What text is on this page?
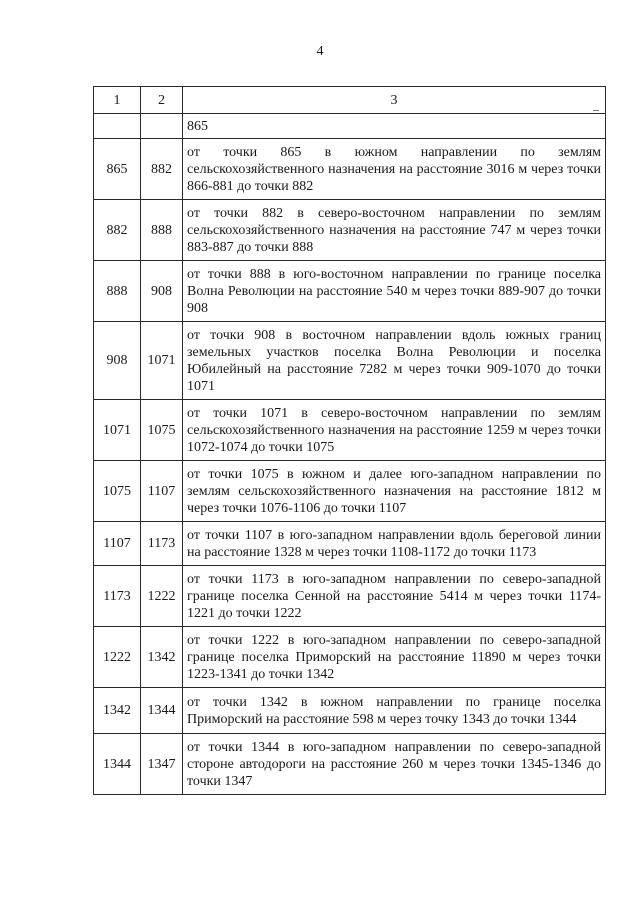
4
1	2	3
–

		865
865	882	от точки 865 в южном направлении по землям сельскохозяйственного назначения на расстояние 3016 м через точки 866-881 до точки 882
882	888	от точки 882 в северо-восточном направлении по землям сельскохозяйственного назначения на расстояние 747 м через точки 883-887 до точки 888
888	908	от точки 888 в юго-восточном направлении по границе поселка Волна Революции на расстояние 540 м через точки 889-907 до точки 908
908	1071	от точки 908 в восточном направлении вдоль южных границ земельных участков поселка Волна Революции и поселка Юбилейный на расстояние 7282 м через точки 909-1070 до точки 1071
1071	1075	от точки 1071 в северо-восточном направлении по землям сельскохозяйственного назначения на расстояние 1259 м через точки 1072-1074 до точки 1075
1075	1107	от точки 1075 в южном и далее юго-западном направлении по землям сельскохозяйственного назначения на расстояние 1812 м через точки 1076-1106 до точки 1107
1107	1173	от точки 1107 в юго-западном направлении вдоль береговой линии на расстояние 1328 м через точки 1108-1172 до точки 1173
1173	1222	от точки 1173 в юго-западном направлении по северо-западной границе поселка Сенной на расстояние 5414 м через точки 1174-1221 до точки 1222
1222	1342	от точки 1222 в юго-западном направлении по северо-западной границе поселка Приморский на расстояние 11890 м через точки 1223-1341 до точки 1342
1342	1344	от точки 1342 в южном направлении по границе поселка Приморский на расстояние 598 м через точку 1343 до точки 1344
1344	1347	от точки 1344 в юго-западном направлении по северо-западной стороне автодороги на расстояние 260 м через точки 1345-1346 до точки 1347
